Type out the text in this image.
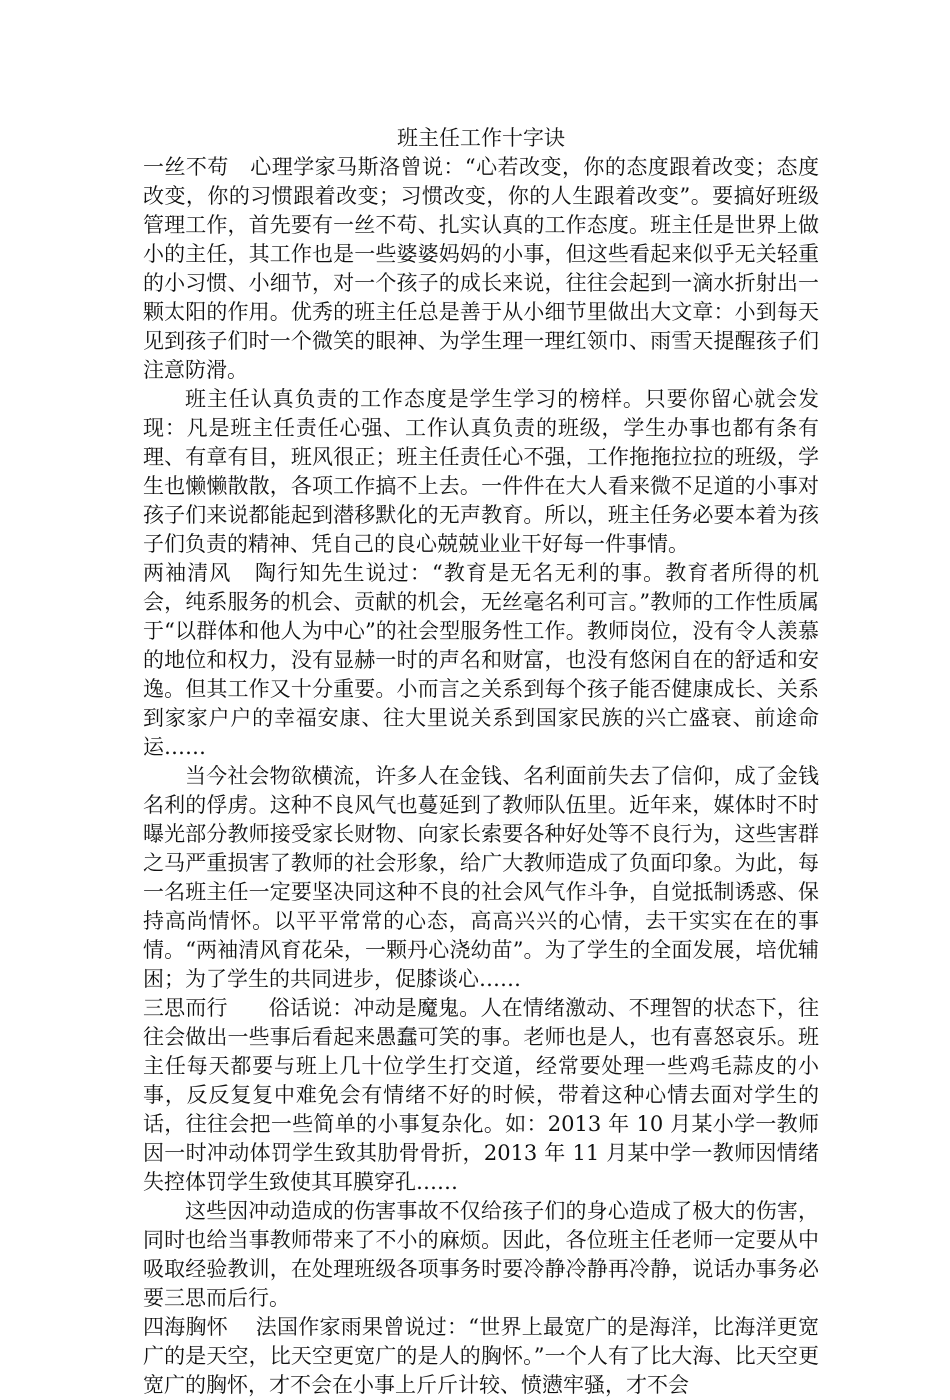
班主任工作十字诀

一丝不苟 心理学家马斯洛曾说：“心若改变，你的态度跟着改变；态度改变，你的习惯跟着改变；习惯改变，你的人生跟着改变”。要搞好班级管理工作，首先要有一丝不苟、扎实认真的工作态度。班主任是世界上做小的主任，其工作也是一些婆婆妈妈的小事，但这些看起来似乎无关轻重的小习惯、小细节，对一个孩子的成长来说，往往会起到一滴水折射出一颗太阳的作用。优秀的班主任总是善于从小细节里做出大文章：小到每天见到孩子们时一个微笑的眼神、为学生理一理红领巾、雨雪天提醒孩子们注意防滑。

班主任认真负责的工作态度是学生学习的榜样。只要你留心就会发现：凡是班主任责任心强、工作认真负责的班级，学生办事也都有条有理、有章有目，班风很正；班主任责任心不强，工作拖拖拉拉的班级，学生也懒懒散散，各项工作搞不上去。一件件在大人看来微不足道的小事对孩子们来说都能起到潜移默化的无声教育。所以，班主任务必要本着为孩子们负责的精神、凭自己的良心兢兢业业干好每一件事情。

两袖清风 陶行知先生说过：“教育是无名无利的事。教育者所得的机会，纯系服务的机会、贡献的机会，无丝毫名利可言。”教师的工作性质属于“以群体和他人为中心”的社会型服务性工作。教师岗位，没有令人羡慕的地位和权力，没有显赫一时的声名和财富，也没有悠闲自在的舒适和安逸。但其工作又十分重要。小而言之关系到每个孩子能否健康成长、关系到家家户户的幸福安康、往大里说关系到国家民族的兴亡盛衰、前途命运……

当今社会物欲横流，许多人在金钱、名利面前失去了信仰，成了金钱名利的俘虏。这种不良风气也蔓延到了教师队伍里。近年来，媒体时不时曝光部分教师接受家长财物、向家长索要各种好处等不良行为，这些害群之马严重损害了教师的社会形象，给广大教师造成了负面印象。为此，每一名班主任一定要坚决同这种不良的社会风气作斗争，自觉抵制诱惑、保持高尚情怀。以平平常常的心态，高高兴兴的心情，去干实实在在的事情。“两袖清风育花朵，一颗丹心浇幼苗”。为了学生的全面发展，培优辅困；为了学生的共同进步，促膝谈心……

三思而行 俗话说：冲动是魔鬼。人在情绪激动、不理智的状态下，往往会做出一些事后看起来愚蠢可笑的事。老师也是人，也有喜怒哀乐。班主任每天都要与班上几十位学生打交道，经常要处理一些鸡毛蒜皮的小事，反反复复中难免会有情绪不好的时候，带着这种心情去面对学生的话，往往会把一些简单的小事复杂化。如：2013 年 10 月某小学一教师因一时冲动体罚学生致其肋骨骨折，2013 年 11 月某中学一教师因情绪失控体罚学生致使其耳膜穿孔……

这些因冲动造成的伤害事故不仅给孩子们的身心造成了极大的伤害，同时也给当事教师带来了不小的麻烦。因此，各位班主任老师一定要从中吸取经验教训，在处理班级各项事务时要冷静冷静再冷静，说话办事务必要三思而后行。

四海胸怀 法国作家雨果曾说过：“世界上最宽广的是海洋，比海洋更宽广的是天空，比天空更宽广的是人的胸怀。”一个人有了比大海、比天空更宽广的胸怀，才不会在小事上斤斤计较、愤懑牢骚，才不会
